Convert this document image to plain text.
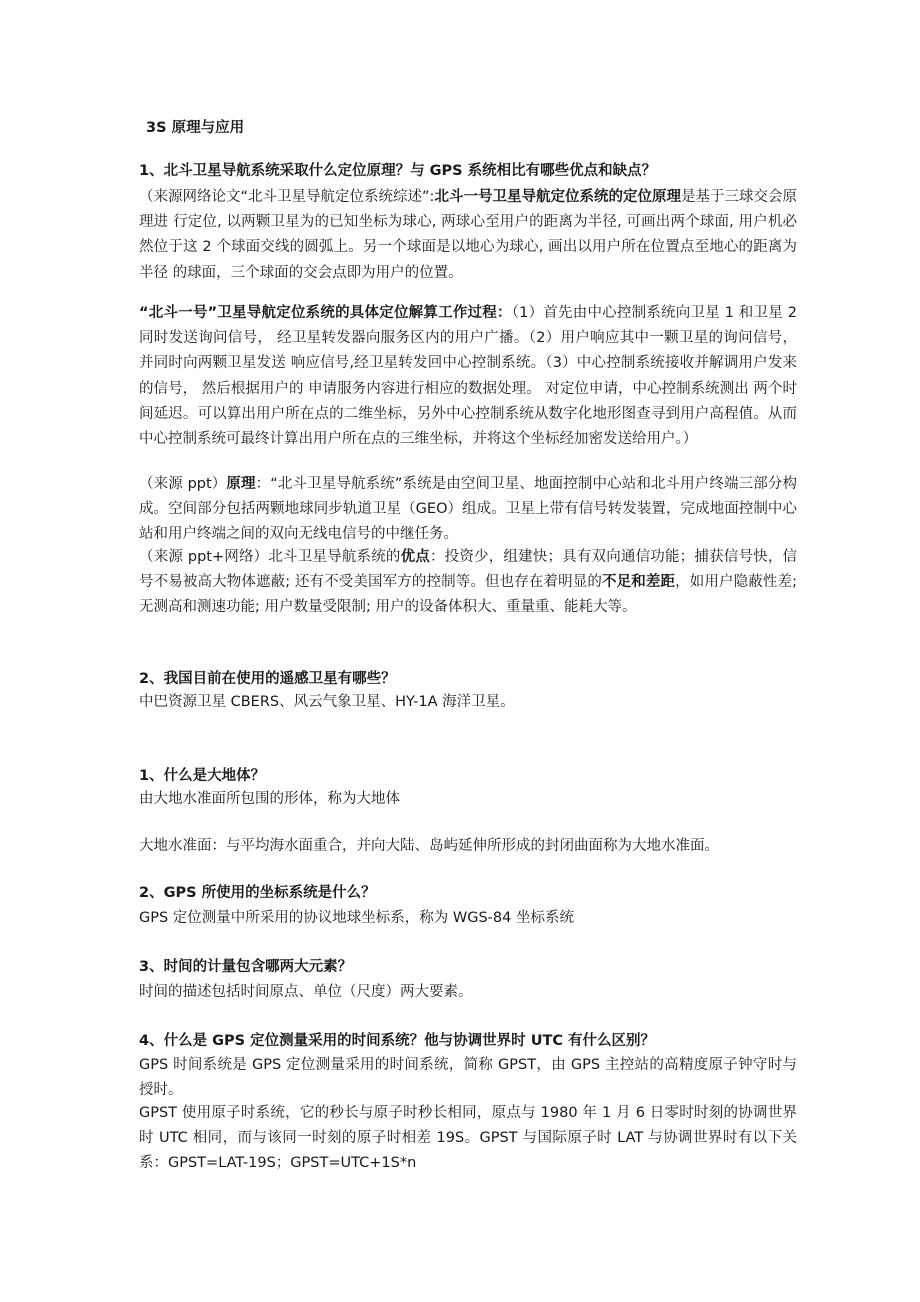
3S 原理与应用
1、北斗卫星导航系统采取什么定位原理？与 GPS 系统相比有哪些优点和缺点？
（来源网络论文“北斗卫星导航定位系统综述”:北斗一号卫星导航定位系统的定位原理是基于三球交会原理进 行定位, 以两颗卫星为的已知坐标为球心, 两球心至用户的距离为半径, 可画出两个球面, 用户机必然位于这 2 个球面交线的圆弧上。另一个球面是以地心为球心, 画出以用户所在位置点至地心的距离为半径 的球面，三个球面的交会点即为用户的位置。
“北斗一号”卫星导航定位系统的具体定位解算工作过程：（1）首先由中心控制系统向卫星 1 和卫星 2 同时发送询问信号， 经卫星转发器向服务区内的用户广播。（2）用户响应其中一颗卫星的询问信号， 并同时向两颗卫星发送 响应信号,经卫星转发回中心控制系统。（3）中心控制系统接收并解调用户发来的信号， 然后根据用户的 申请服务内容进行相应的数据处理。 对定位申请，中心控制系统测出 两个时间延迟。可以算出用户所在点的二维坐标，另外中心控制系统从数字化地形图查寻到用户高程值。从而中心控制系统可最终计算出用户所在点的三维坐标，并将这个坐标经加密发送给用户。）
（来源 ppt）原理：“北斗卫星导航系统”系统是由空间卫星、地面控制中心站和北斗用户终端三部分构成。空间部分包括两颗地球同步轨道卫星（GEO）组成。卫星上带有信号转发装置，完成地面控制中心站和用户终端之间的双向无线电信号的中继任务。
（来源 ppt+网络）北斗卫星导航系统的优点：投资少，组建快；具有双向通信功能；捕获信号快，信号不易被高大物体遮蔽; 还有不受美国军方的控制等。但也存在着明显的不足和差距，如用户隐蔽性差; 无测高和测速功能; 用户数量受限制; 用户的设备体积大、重量重、能耗大等。
2、我国目前在使用的遥感卫星有哪些？
中巴资源卫星 CBERS、风云气象卫星、HY-1A 海洋卫星。
1、什么是大地体？
由大地水准面所包围的形体，称为大地体
大地水准面：与平均海水面重合，并向大陆、岛屿延伸所形成的封闭曲面称为大地水准面。
2、GPS 所使用的坐标系统是什么？
GPS 定位测量中所采用的协议地球坐标系，称为 WGS-84 坐标系统
3、时间的计量包含哪两大元素？
时间的描述包括时间原点、单位（尺度）两大要素。
4、什么是 GPS 定位测量采用的时间系统？他与协调世界时 UTC 有什么区别？
GPS 时间系统是 GPS 定位测量采用的时间系统，简称 GPST，由 GPS 主控站的高精度原子钟守时与授时。
GPST 使用原子时系统，它的秒长与原子时秒长相同，原点与 1980 年 1 月 6 日零时时刻的协调世界时 UTC 相同，而与该同一时刻的原子时相差 19S。GPST 与国际原子时 LAT 与协调世界时有以下关系：GPST=LAT-19S；GPST=UTC+1S*n
